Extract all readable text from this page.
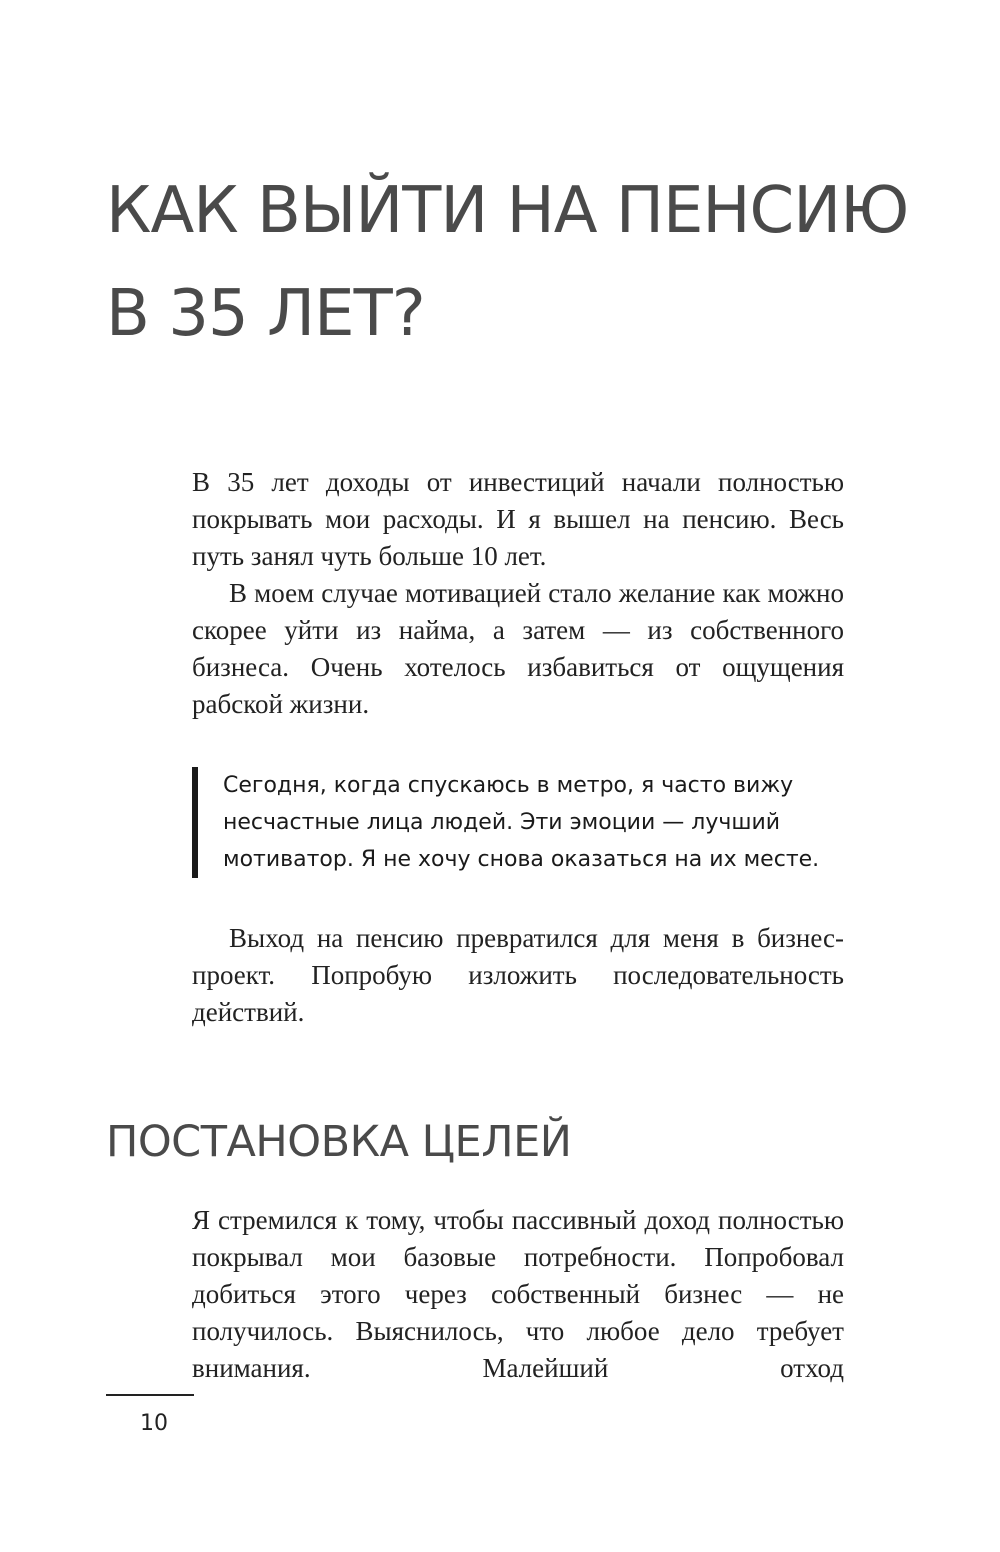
КАК ВЫЙТИ НА ПЕНСИЮ
В 35 ЛЕТ?

В 35 лет доходы от инвестиций начали полностью покрывать мои расходы. И я вышел на пенсию. Весь путь занял чуть больше 10 лет.

В моем случае мотивацией стало желание как можно скорее уйти из найма, а затем — из собственного бизнеса. Очень хотелось избавиться от ощущения рабской жизни.

Сегодня, когда спускаюсь в метро, я часто вижу
несчастные лица людей. Эти эмоции — лучший
мотиватор. Я не хочу снова оказаться на их месте.

Выход на пенсию превратился для меня в бизнес-проект. Попробую изложить последовательность действий.

ПОСТАНОВКА ЦЕЛЕЙ

Я стремился к тому, чтобы пассивный доход полностью покрывал мои базовые потребности. Попробовал добиться этого через собственный бизнес — не получилось. Выяснилось, что любое дело требует внимания. Малейший отход

10
